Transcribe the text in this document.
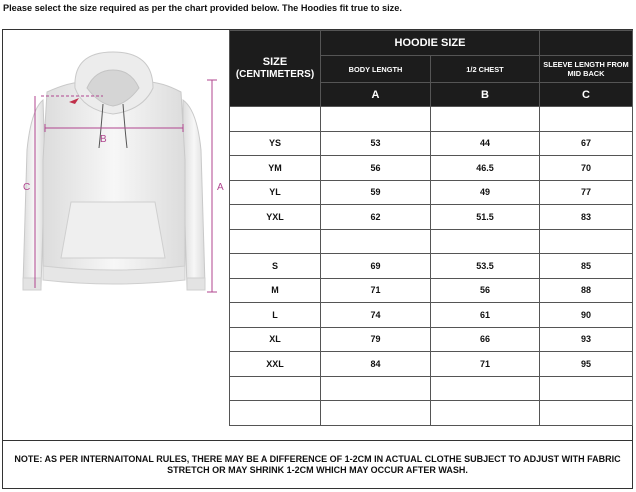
Please select the size required as per the chart provided below. The Hoodies fit true to size.
A
B
C
SIZE
(CENTIMETERS)	HOODIE SIZE		
	BODY LENGTH	1/2 CHEST	SLEEVE LENGTH FROM MID BACK
	A	B	C

YS	53	44	67
YM	56	46.5	70
YL	59	49	77
YXL	62	51.5	83

S	69	53.5	85
M	71	56	88
L	74	61	90
XL	79	66	93
XXL	84	71	95

NOTE: AS PER INTERNAITONAL RULES, THERE MAY BE A DIFFERENCE OF 1-2CM IN ACTUAL CLOTHE SUBJECT TO ADJUST WITH FABRIC STRETCH OR MAY SHRINK 1-2CM WHICH MAY OCCUR AFTER WASH.
